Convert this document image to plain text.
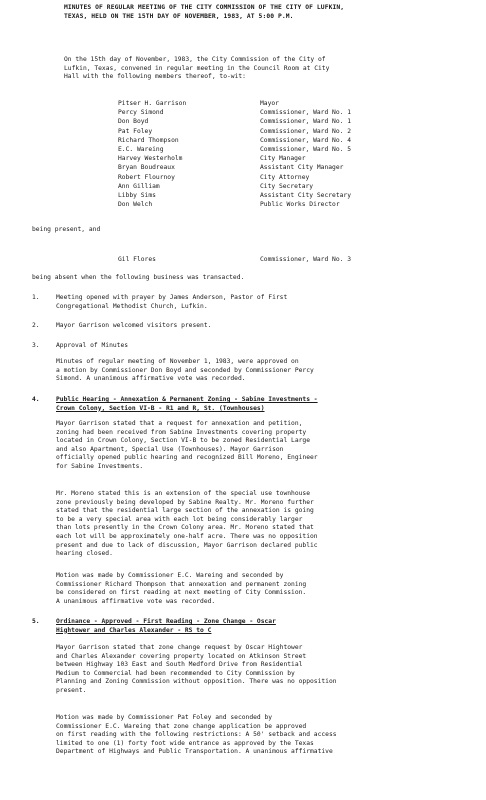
MINUTES OF REGULAR MEETING OF THE CITY COMMISSION OF THE CITY OF LUFKIN,
TEXAS, HELD ON THE 15TH DAY OF NOVEMBER, 1983, AT 5:00 P.M.
On the 15th day of November, 1983, the City Commission of the City of
Lufkin, Texas, convened in regular meeting in the Council Room at City
Hall with the following members thereof, to-wit:
Pitser H. Garrison	Mayor
Percy Simond	Commissioner, Ward No. 1
Don Boyd	Commissioner, Ward No. 1
Pat Foley	Commissioner, Ward No. 2
Richard Thompson	Commissioner, Ward No. 4
E.C. Wareing	Commissioner, Ward No. 5
Harvey Westerholm	City Manager
Bryan Boudreaux	Assistant City Manager
Robert Flournoy	City Attorney
Ann Gilliam	City Secretary
Libby Sims	Assistant City Secretary
Don Welch	Public Works Director
being present, and
Gil Flores	Commissioner, Ward No. 3
being absent when the following business was transacted.
1.	Meeting opened with prayer by James Anderson, Pastor of First
Congregational Methodist Church, Lufkin.
2.	Mayor Garrison welcomed visitors present.
3.	Approval of Minutes
Minutes of regular meeting of November 1, 1983, were approved on
a motion by Commissioner Don Boyd and seconded by Commissioner Percy
Simond. A unanimous affirmative vote was recorded.
4.	Public Hearing - Annexation & Permanent Zoning - Sabine Investments -
Crown Colony, Section VI-B - R1 and R, St. (Townhouses)
Mayor Garrison stated that a request for annexation and petition,
zoning had been received from Sabine Investments covering property
located in Crown Colony, Section VI-B to be zoned Residential Large
and also Apartment, Special Use (Townhouses). Mayor Garrison
officially opened public hearing and recognized Bill Moreno, Engineer
for Sabine Investments.
Mr. Moreno stated this is an extension of the special use townhouse
zone previously being developed by Sabine Realty. Mr. Moreno further
stated that the residential large section of the annexation is going
to be a very special area with each lot being considerably larger
than lots presently in the Crown Colony area. Mr. Moreno stated that
each lot will be approximately one-half acre. There was no opposition
present and due to lack of discussion, Mayor Garrison declared public
hearing closed.
Motion was made by Commissioner E.C. Wareing and seconded by
Commissioner Richard Thompson that annexation and permanent zoning
be considered on first reading at next meeting of City Commission.
A unanimous affirmative vote was recorded.
5.	Ordinance - Approved - First Reading - Zone Change - Oscar
Hightower and Charles Alexander - RS to C
Mayor Garrison stated that zone change request by Oscar Hightower
and Charles Alexander covering property located on Atkinson Street
between Highway 103 East and South Medford Drive from Residential
Medium to Commercial had been recommended to City Commission by
Planning and Zoning Commission without opposition. There was no opposition
present.
Motion was made by Commissioner Pat Foley and seconded by
Commissioner E.C. Wareing that zone change application be approved
on first reading with the following restrictions: A 50' setback and access
limited to one (1) forty foot wide entrance as approved by the Texas
Department of Highways and Public Transportation. A unanimous affirmative
